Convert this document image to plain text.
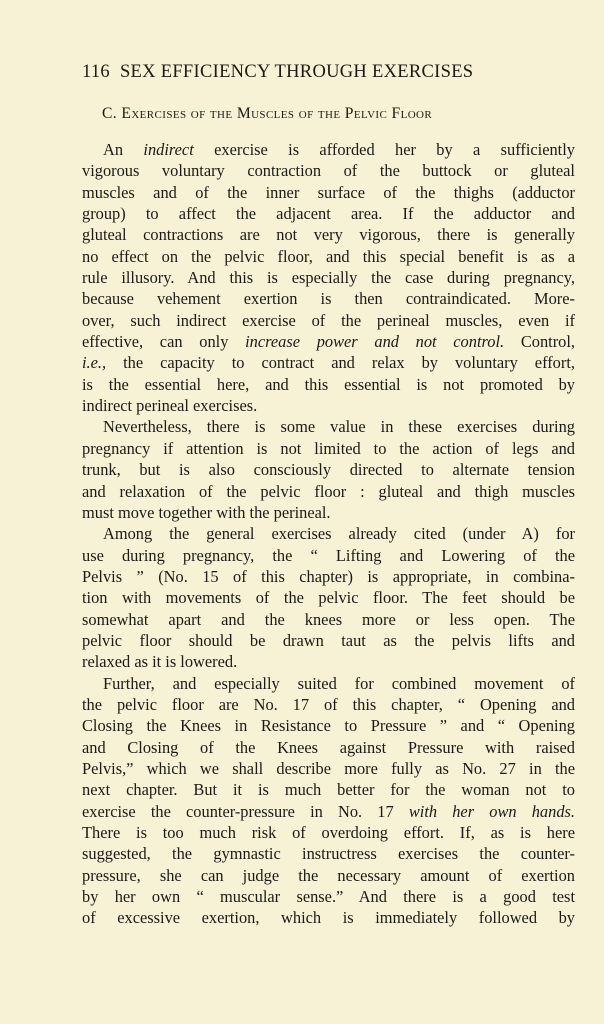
116 SEX EFFICIENCY THROUGH EXERCISES
C. Exercises of the Muscles of the Pelvic Floor
An indirect exercise is afforded her by a sufficiently
vigorous voluntary contraction of the buttock or gluteal
muscles and of the inner surface of the thighs (adductor
group) to affect the adjacent area. If the adductor and
gluteal contractions are not very vigorous, there is generally
no effect on the pelvic floor, and this special benefit is as a
rule illusory. And this is especially the case during pregnancy,
because vehement exertion is then contraindicated. More-
over, such indirect exercise of the perineal muscles, even if
effective, can only increase power and not control. Control,
i.e., the capacity to contract and relax by voluntary effort,
is the essential here, and this essential is not promoted by
indirect perineal exercises.
Nevertheless, there is some value in these exercises during
pregnancy if attention is not limited to the action of legs and
trunk, but is also consciously directed to alternate tension
and relaxation of the pelvic floor : gluteal and thigh muscles
must move together with the perineal.
Among the general exercises already cited (under A) for
use during pregnancy, the “ Lifting and Lowering of the
Pelvis ” (No. 15 of this chapter) is appropriate, in combina-
tion with movements of the pelvic floor. The feet should be
somewhat apart and the knees more or less open. The
pelvic floor should be drawn taut as the pelvis lifts and
relaxed as it is lowered.
Further, and especially suited for combined movement of
the pelvic floor are No. 17 of this chapter, “ Opening and
Closing the Knees in Resistance to Pressure ” and “ Opening
and Closing of the Knees against Pressure with raised
Pelvis,” which we shall describe more fully as No. 27 in the
next chapter. But it is much better for the woman not to
exercise the counter-pressure in No. 17 with her own hands.
There is too much risk of overdoing effort. If, as is here
suggested, the gymnastic instructress exercises the counter-
pressure, she can judge the necessary amount of exertion
by her own “ muscular sense.” And there is a good test
of excessive exertion, which is immediately followed by
